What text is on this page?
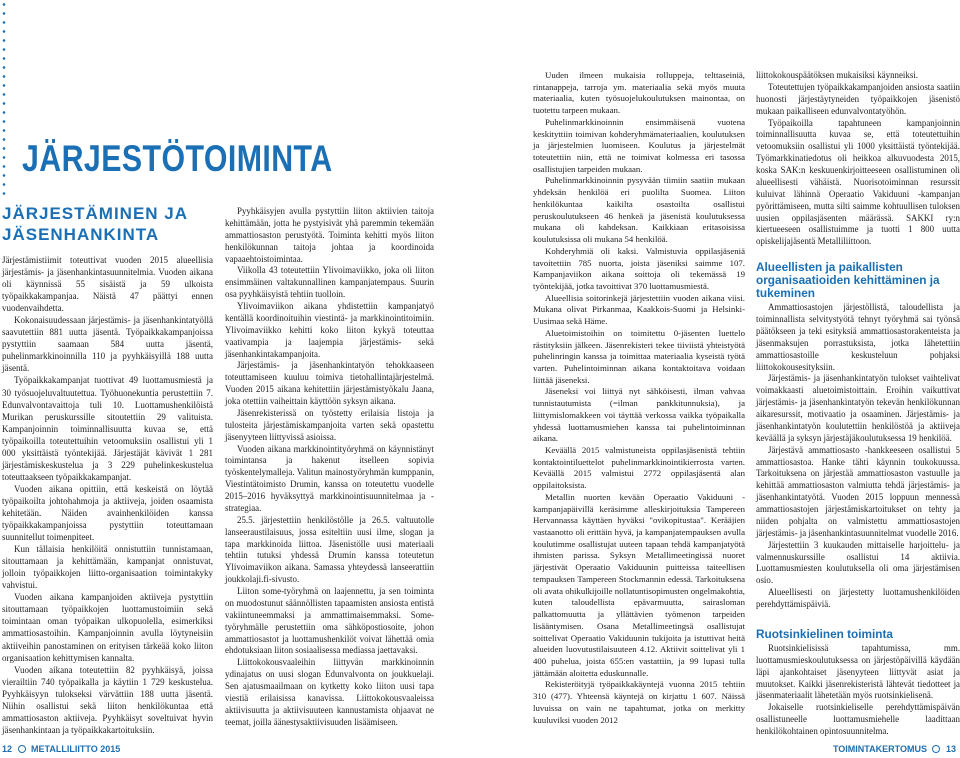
JÄRJESTÖTOIMINTA
JÄRJESTÄMINEN JA
JÄSENHANKINTA

Järjestämistiimit toteuttivat vuoden 2015 alueellisia järjestämis- ja jäsenhankintasuunnitelmia. Vuoden aikana oli käynnissä 55 sisäistä ja 59 ulkoista työpaikkakampanjaa. Näistä 47 päättyi ennen vuodenvaihdetta.

Kokonaisuudessaan järjestämis- ja jäsenhankintatyöllä saavutettiin 881 uutta jäsentä. Työpaikkakampanjoissa pystyttiin saamaan 584 uutta jäsentä, puhelinmarkkinoinnilla 110 ja pyyhkäisyillä 188 uutta jäsentä.

Työpaikkakampanjat tuottivat 49 luottamusmiestä ja 30 työsuojeluvaltuutettua. Työhuonekuntia perustettiin 7. Edunvalvontavaittoja tuli 10. Luottamushenkilöistä Murikan peruskurssille sitoutettiin 29 valituista. Kampanjoinnin toiminnallisuutta kuvaa se, että työpaikoilla toteutettuihin vetoomuksiin osallistui yli 1 000 yksittäistä työntekijää. Järjestäjät kävivät 1 281 järjestämiskeskustelua ja 3 229 puhelinkeskustelua toteuttaakseen työpaikkakampanjat.

Vuoden aikana opittiin, että keskeistä on löytää työpaikoilta johtohahmoja ja aktiiveja, joiden osaamista kehitetään. Näiden avainhenkilöiden kanssa työpaikkakampanjoissa pystyttiin toteuttamaan suunnitellut toimenpiteet.

Kun tällaisia henkilöitä onnistuttiin tunnistamaan, sitouttamaan ja kehittämään, kampanjat onnistuvat, jolloin työpaikkojen liitto-organisaation toimintakyky vahvistui.

Vuoden aikana kampanjoiden aktiiveja pystyttiin sitouttamaan työpaikkojen luottamustoimiin sekä toimintaan oman työpaikan ulkopuolella, esimerkiksi ammattiosastoihin. Kampanjoinnin avulla löytyneisiin aktiiveihin panostaminen on erityisen tärkeää koko liiton organisaation kehittymisen kannalta.

Vuoden aikana toteutettiin 82 pyyhkäisyä, joissa vierailtiin 740 työpaikalla ja käytiin 1 729 keskustelua. Pyyhkäisyyn tulokseksi värvättiin 188 uutta jäsentä. Niihin osallistui sekä liiton henkilökuntaa että ammattiosaston aktiiveja. Pyyhkäisyt soveltuivat hyvin jäsenhankintaan ja työpaikkakartoituksiin.

Pyyhkäisyjen avulla pystyttiin liiton aktiivien taitoja kehittämään, jotta he pystyisivät yhä paremmin tekemään ammattiosaston perustyötä. Toiminta kehitti myös liiton henkilökunnan taitoja johtaa ja koordinoida vapaaehtoistoimintaa.

Viikolla 43 toteutettiin Ylivoimaviikko, joka oli liiton ensimmäinen valtakunnallinen kampanjatempaus. Suurin osa pyyhkäisyistä tehtiin tuolloin.

Ylivoimaviikon aikana yhdistettiin kampanjatyö kentällä koordinoituihin viestintä- ja markkinointitoimiin. Ylivoimaviikko kehitti koko liiton kykyä toteuttaa vaativampia ja laajempia järjestämis- sekä jäsenhankintakampanjoita.

Järjestämis- ja jäsenhankintatyön tehokkaaseen toteuttamiseen kuuluu toimiva tietohallintajärjestelmä. Vuoden 2015 aikana kehitettiin järjestämistyökalu Jaana, joka otettiin vaiheittain käyttöön syksyn aikana.

Jäsenrekisterissä on työstetty erilaisia listoja ja tulosteita järjestämiskampanjoita varten sekä opastettu jäsenyyteen liittyvissä asioissa.

Vuoden aikana markkinointityöryhmä on käynnistänyt toimintansa ja hakenut itselleen sopivia työskentelymalleja. Valitun mainostyöryhmän kumppanin, Viestintätoimisto Drumin, kanssa on toteutettu vuodelle 2015–2016 hyväksyttyä markkinointisuunnitelmaa ja -strategiaa.

25.5. järjestettiin henkilöstölle ja 26.5. valtuutolle lanseeraustilaisuus, jossa esiteltiin uusi ilme, slogan ja tapa markkinoida liittoa. Jäsenistölle uusi materiaali tehtiin tutuksi yhdessä Drumin kanssa toteutetun Ylivoimaviikon aikana. Samassa yhteydessä lanseerattiin joukkolaji.fi-sivusto.

Liiton some-työryhmä on laajennettu, ja sen toiminta on muodostunut säännöllisten tapaamisten ansiosta entistä vakiintuneemmaksi ja ammattimaisemmaksi. Some-työryhmälle perustettiin oma sähköpostiosoite, johon ammattiosastot ja luottamushenkilöt voivat lähettää omia ehdotuksiaan liiton sosiaalisessa mediassa jaettavaksi.

Liittokokousvaaleihin liittyvän markkinoinnin ydinajatus on uusi slogan Edunvalvonta on joukkuelaji. Sen ajatusmaailmaan on kytketty koko liiton uusi tapa viestiä erilaisissa kanavissa. Liittokokousvaaleissa aktiivisuutta ja aktiivisuuteen kannustamista ohjaavat ne teemat, joilla äänestysaktiivisuuden lisäämiseen.

Uuden ilmeen mukaisia rolluppeja, telttaseiniä, rintanappeja, tarroja ym. materiaalia sekä myös muuta materiaalia, kuten työsuojelukoulutuksen mainontaa, on tuotettu tarpeen mukaan.

Puhelinmarkkinoinnin ensimmäisenä vuotena keskityttiin toimivan kohderyhmämateriaalien, koulutuksen ja järjestelmien luomiseen. Koulutus ja järjestelmät toteutettiin niin, että ne toimivat kolmessa eri tasossa osallistujien tarpeiden mukaan.

Puhelinmarkkinoinnin pysyvään tiimiin saatiin mukaan yhdeksän henkilöä eri puolilta Suomea. Liiton henkilökuntaa kaikilta osastoilta osallistui peruskoulutukseen 46 henkeä ja jäsenistä koulutuksessa mukana oli kahdeksan. Kaikkiaan eritasoisissa koulutuksissa oli mukana 54 henkilöä.

Kohderyhmiä oli kaksi. Valmistuvia oppilasjäseniä tavoitettiin 785 nuorta, joista jäseniksi saimme 107. Kampanjaviikon aikana soittoja oli tekemässä 19 työntekijää, jotka tavoittivat 370 luottamusmiestä.

Alueellisia soitorinkejä järjestettiin vuoden aikana viisi. Mukana olivat Pirkanmaa, Kaakkois-Suomi ja Helsinki-Uusimaa sekä Häme.

Aluetoimistoihin on toimitettu 0-jäsenten luettelo rästityksiin jälkeen. Jäsenrekisteri tekee tiiviistä yhteistyötä puhelinringin kanssa ja toimittaa materiaalia kyseistä työtä varten. Puhelintoiminnan aikana kontaktoitava voidaan liittää jäseneksi.

Jäseneksi voi liittyä nyt sähköisesti, ilman vahvaa tunnistautumista (=ilman pankkitunnuksia), ja liittymislomakkeen voi täyttää verkossa vaikka työpaikalla yhdessä luottamusmiehen kanssa tai puhelintoiminnan aikana.

Keväällä 2015 valmistuneista oppilasjäsenistä tehtiin kontaktointiluettelot puhelinmarkkinointikierrosta varten. Keväällä 2015 valmistui 2772 oppilasjäsentä alan oppilaitoksista.

Metallin nuorten kevään Operaatio Vakiduuni -kampanjapäivillä keräsimme alleskirjoituksia Tampereen Hervannassa käyttäen hyväksi "ovikopitustaa". Kerääjien vastaanotto oli erittäin hyvä, ja kampanjatempauksen avulla koulutimme osallistujat uuteen tapaan tehdä kampanjatyötä ihmisten parissa. Syksyn Metallimeetingissä nuoret järjestivät Operaatio Vakiduunin puitteissa taiteellisen tempauksen Tampereen Stockmannin edessä. Tarkoituksena oli avata ohikulkijoille nollatuntisopimusten ongelmakohtia, kuten taloudellista epävarmuutta, sairasloman palkattomuutta ja yllättävien työmenon tarpeiden lisääntymisen. Osana Metallimeetingsä osallistujat soittelivat Operaatio Vakiduunin tukijoita ja istuttivat heitä alueiden luovutustilaisuuteen 4.12. Aktiivit soittelivat yli 1 400 puhelua, joista 655:en vastattiin, ja 99 lupasi tulla jättämään aloitetta eduskunnalle.

Rekisteröityjä työpaikkakäyntejä vuonna 2015 tehtiin 310 (477). Yhteensä käyntejä on kirjattu 1 607. Näissä luvuissa on vain ne tapahtumat, jotka on merkitty kuuluviksi vuoden 2012

liittokokouspäätöksen mukaisiksi käynneiksi.

Toteutettujen työpaikkakampanjoiden ansiosta saatiin huonosti järjestäytyneiden työpaikkojen jäsenistö mukaan paikalliseen edunvalvontatyöhön.

Työpaikoilla tapahtuneen kampanjoinnin toiminnallisuutta kuvaa se, että toteutettuihin vetoomuksiin osallistui yli 1000 yksittäistä työntekijää. Työmarkkinatiedotus oli heikkoa alkuvuodesta 2015, koska SAK:n keskuuenkirjoitteeseen osallistuminen oli alueellisesti vähäistä. Nuorisotoiminnan resurssit kuluivat lähinnä Operaatio Vakiduuni -kampanjan pyörittämiseen, mutta silti saimme kohtuullisen tuloksen uusien oppilasjäsenten määrässä. SAKKI ry:n kiertueeseen osallistuimme ja tuotti 1 800 uutta opiskelijajäsentä Metalliliittoon.

Alueellisten ja paikallisten organisaatioiden kehittäminen ja tukeminen

Ammattiosastojen järjestöllistä, taloudellista ja toiminnallista selvitystyötä tehnyt työryhmä sai työnsä päätökseen ja teki esityksiä ammattiosastorakenteista ja jäsenmaksujen porrastuksista, jotka lähetettiin ammattiosastoille keskusteluun pohjaksi liittokokousesityksiin.

Järjestämis- ja jäsenhankintatyön tulokset vaihtelivat voimakkaasti aluetoimistoittain. Eroihin vaikuttivat järjestämis- ja jäsenhankintatyön tekevän henkilökunnan aikaresurssit, motivaatio ja osaaminen. Järjestämis- ja jäsenhankintatyön koulutettiin henkilöstöä ja aktiiveja keväällä ja syksyn järjestäjäkoulutuksessa 19 henkilöä.

Järjestävä ammattiosasto -hankkeeseen osallistui 5 ammattiosastoa. Hanke tähti käynnin toukokuussa. Tarkoituksena on järjestää ammattiosaston vastuulle ja kehittää ammattiosaston valmiutta tehdä järjestämis- ja jäsenhankintatyötä. Vuoden 2015 loppuun mennessä ammattiosastojen järjestämiskartoitukset on tehty ja niiden pohjalta on valmistettu ammattiosastojen järjestämis- ja jäsenhankintasuunnitelmat vuodelle 2016.

Järjestettiin 3 kuukauden mittaiselle harjoittelu- ja valmennuskurssille osallistui 14 aktiivia. Luottamusmiesten koulutuksella oli oma järjestämisen osio.

Alueellisesti on järjestetty luottamushenkilöiden perehdyttämispäiviä.

Ruotsinkielinen toiminta

Ruotsinkielisissä tapahtumissa, mm. luottamusmieskoulutuksessa on järjestöpäivillä käydään läpi ajankohtaiset jäsenyyteen liittyvät asiat ja muutokset. Kaikki jäsenrekisteristä lähtevät tiedotteet ja jäsenmateriaalit lähetetään myös ruotsinkielisenä.

Jokaiselle ruotsinkieliselle perehdyttämispäivän osallistuneelle luottamusmiehelle laadittaan henkilökohtainen opintosuunnitelma.

12 METALLILIITTO 2015	TOIMINTAKERTOMUS 13
